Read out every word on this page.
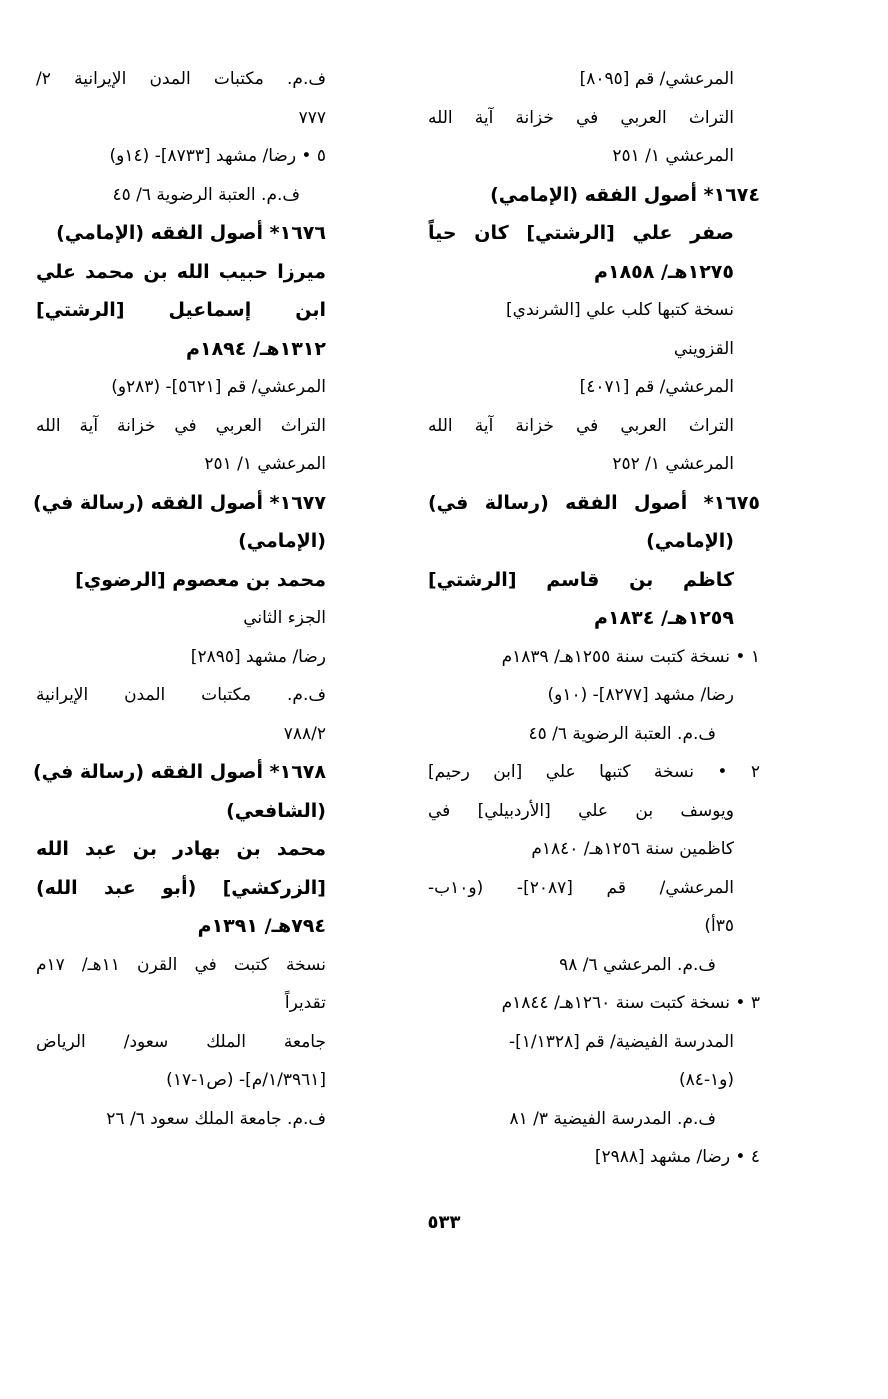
المرعشي/ قم [٨٠٩٥]
التراث العربي في خزانة آية الله
المرعشي ١/ ٢٥١
١٦٧٤* أصول الفقه (الإمامي)
صفر علي [الرشتي] كان حياً
١٢٧٥هـ/ ١٨٥٨م
نسخة كتبها كلب علي [الشرندي]
القزويني
المرعشي/ قم [٤٠٧١]
التراث العربي في خزانة آية الله
المرعشي ١/ ٢٥٢
١٦٧٥* أصول الفقه (رسالة في)
(الإمامي)
كاظم بن قاسم [الرشتي]
١٢٥٩هـ/ ١٨٣٤م
١ • نسخة كتبت سنة ١٢٥٥هـ/ ١٨٣٩م
رضا/ مشهد [٨٢٧٧]- (١٠و)
ف.م. العتبة الرضوية ٦/ ٤٥
٢ • نسخة كتبها علي [ابن رحيم]
ويوسف بن علي [الأردبيلي] في
كاظمين سنة ١٢٥٦هـ/ ١٨٤٠م
المرعشي/ قم [٢٠٨٧]- (و١٠ب-
٣٥أ)
ف.م. المرعشي ٦/ ٩٨
٣ • نسخة كتبت سنة ١٢٦٠هـ/ ١٨٤٤م
المدرسة الفيضية/ قم [١/١٣٢٨]-
(و١-٨٤)
ف.م. المدرسة الفيضية ٣/ ٨١
٤ • رضا/ مشهد [٢٩٨٨]
ف.م. مكتبات المدن الإيرانية ٢/
٧٧٧
٥ • رضا/ مشهد [٨٧٣٣]- (١٤و)
ف.م. العتبة الرضوية ٦/ ٤٥
١٦٧٦* أصول الفقه (الإمامي)
ميرزا حبيب الله بن محمد علي
ابن إسماعيل [الرشتي]
١٣١٢هـ/ ١٨٩٤م
المرعشي/ قم [٥٦٢١]- (٢٨٣و)
التراث العربي في خزانة آية الله
المرعشي ١/ ٢٥١
١٦٧٧* أصول الفقه (رسالة في)
(الإمامي)
محمد بن معصوم [الرضوي]
الجزء الثاني
رضا/ مشهد [٢٨٩٥]
ف.م. مكتبات المدن الإيرانية
٧٨٨/٢
١٦٧٨* أصول الفقه (رسالة في)
(الشافعي)
محمد بن بهادر بن عبد الله
[الزركشي] (أبو عبد الله)
٧٩٤هـ/ ١٣٩١م
نسخة كتبت في القرن ١١هـ/ ١٧م
تقديراً
جامعة الملك سعود/ الرياض
[١/٣٩٦١/م]- (ص١-١٧)
ف.م. جامعة الملك سعود ٦/ ٢٦
٥٣٣
